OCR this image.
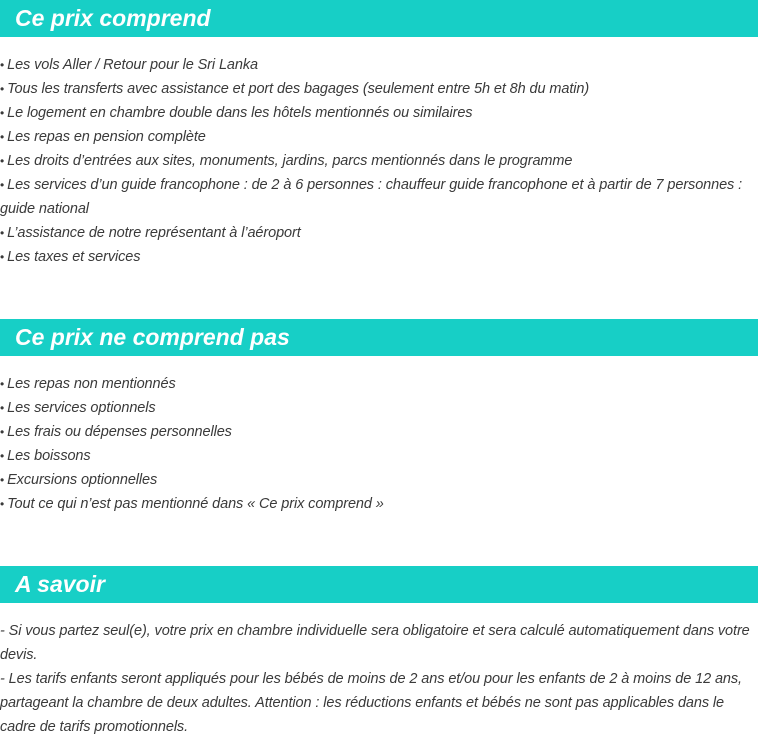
Ce prix comprend
• Les vols Aller / Retour pour le Sri Lanka
• Tous les transferts avec assistance et port des bagages (seulement entre 5h et 8h du matin)
• Le logement en chambre double dans les hôtels mentionnés ou similaires
• Les repas en pension complète
• Les droits d’entrées aux sites, monuments, jardins, parcs mentionnés dans le programme
• Les services d’un guide francophone : de 2 à 6 personnes : chauffeur guide francophone et à partir de 7 personnes : guide national
• L’assistance de notre représentant à l’aéroport
• Les taxes et services
Ce prix ne comprend pas
• Les repas non mentionnés
• Les services optionnels
• Les frais ou dépenses personnelles
• Les boissons
• Excursions optionnelles
• Tout ce qui n’est pas mentionné dans « Ce prix comprend »
A savoir

- Si vous partez seul(e), votre prix en chambre individuelle sera obligatoire et sera calculé automatiquement dans votre devis.

- Les tarifs enfants seront appliqués pour les bébés de moins de 2 ans et/ou pour les enfants de 2 à moins de 12 ans, partageant la chambre de deux adultes. Attention : les réductions enfants et bébés ne sont pas applicables dans le cadre de tarifs promotionnels.
